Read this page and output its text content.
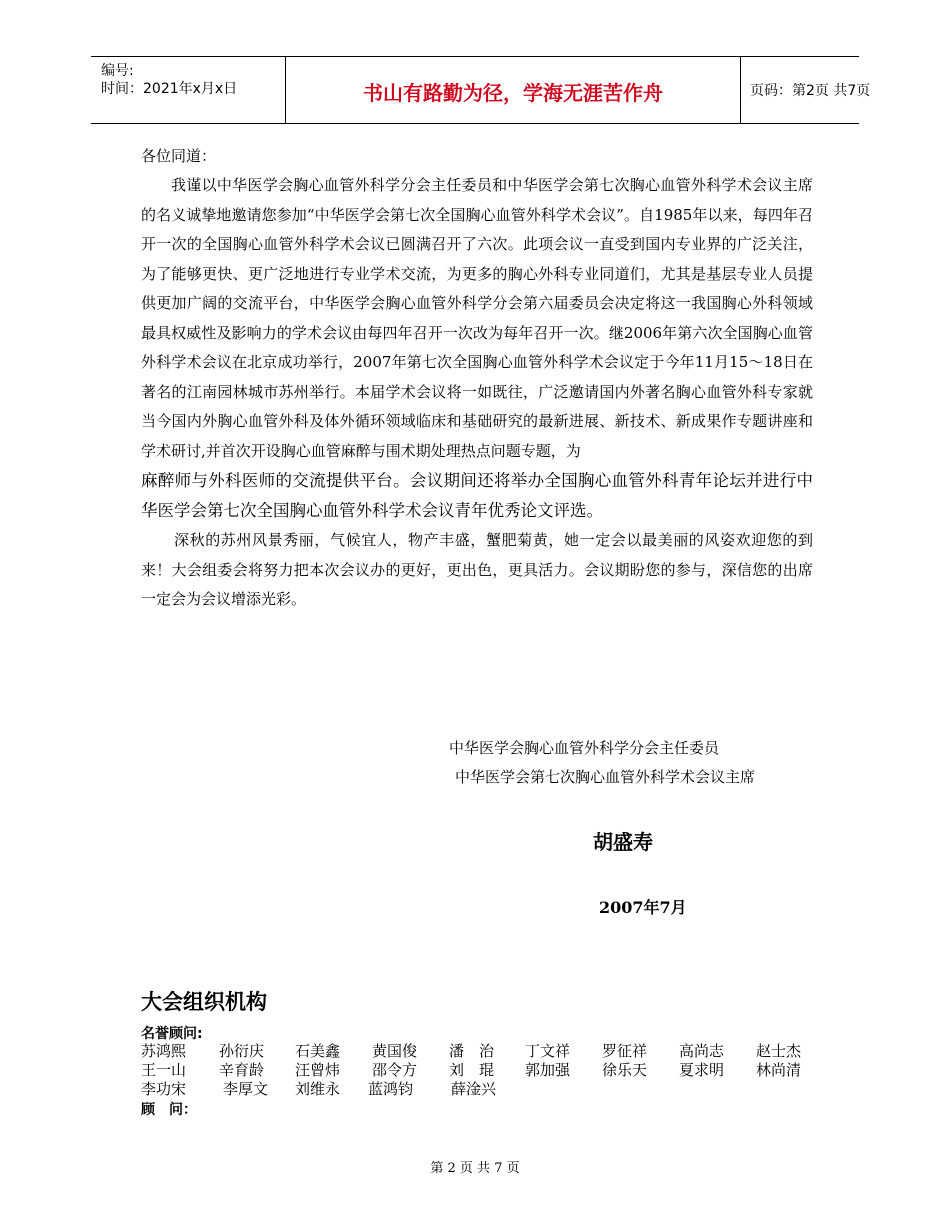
编号:
时间：2021年x月x日	书山有路勤为径，学海无涯苦作舟	页码：第2页 共7页
各位同道：

我谨以中华医学会胸心血管外科学分会主任委员和中华医学会第七次胸心血管外科学术会议主席的名义诚挚地邀请您参加“中华医学会第七次全国胸心血管外科学术会议”。自1985年以来，每四年召开一次的全国胸心血管外科学术会议已圆满召开了六次。此项会议一直受到国内专业界的广泛关注，为了能够更快、更广泛地进行专业学术交流，为更多的胸心外科专业同道们，尤其是基层专业人员提供更加广阔的交流平台，中华医学会胸心血管外科学分会第六届委员会决定将这一我国胸心外科领域最具权威性及影响力的学术会议由每四年召开一次改为每年召开一次。继2006年第六次全国胸心血管外科学术会议在北京成功举行，2007年第七次全国胸心血管外科学术会议定于今年11月15～18日在著名的江南园林城市苏州举行。本届学术会议将一如既往，广泛邀请国内外著名胸心血管外科专家就当今国内外胸心血管外科及体外循环领域临床和基础研究的最新进展、新技术、新成果作专题讲座和学术研讨,并首次开设胸心血管麻醉与围术期处理热点问题专题，为

麻醉师与外科医师的交流提供平台。会议期间还将举办全国胸心血管外科青年论坛并进行中华医学会第七次全国胸心血管外科学术会议青年优秀论文评选。

深秋的苏州风景秀丽，气候宜人，物产丰盛，蟹肥菊黄，她一定会以最美丽的风姿欢迎您的到来！大会组委会将努力把本次会议办的更好，更出色，更具活力。会议期盼您的参与，深信您的出席一定会为会议增添光彩。

中华医学会胸心血管外科学分会主任委员
中华医学会第七次胸心血管外科学术会议主席
胡盛寿
2007年7月
大会组织机构
名誉顾问:
苏鸿熙 孙衍庆 石美鑫 黄国俊 潘　治 丁文祥 罗征祥 高尚志 赵士杰
王一山 辛育龄 汪曾炜 邵令方 刘　琨 郭加强 徐乐天 夏求明 林尚清
李功宋 李厚文 刘维永 蓝鸿钧	薛淦兴
顾　问：
第 2 页 共 7 页
